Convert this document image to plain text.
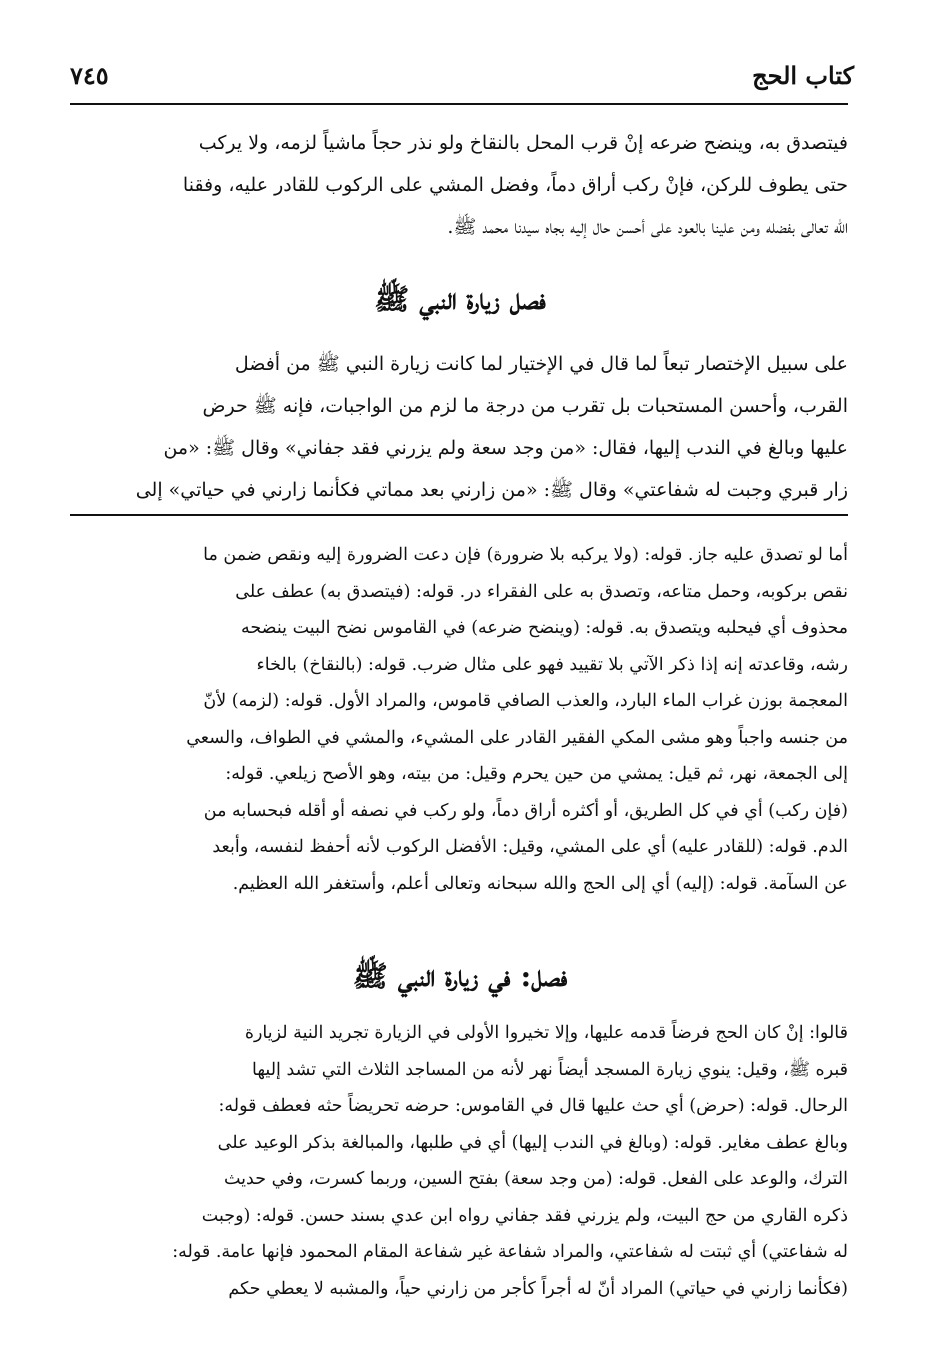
كتاب الحج
٧٤٥
فيتصدق به، وينضح ضرعه إنْ قرب المحل بالنقاخ ولو نذر حجاً ماشياً لزمه، ولا يركب
حتى يطوف للركن، فإنْ ركب أراق دماً، وفضل المشي على الركوب للقادر عليه، وفقنا
الله تعالى بفضله ومن علينا بالعود على أحسن حال إليه بجاه سيدنا محمد ﷺ.
فصل زيارة النبي ﷺ
على سبيل الإختصار تبعاً لما قال في الإختيار لما كانت زيارة النبي ﷺ من أفضل
القرب، وأحسن المستحبات بل تقرب من درجة ما لزم من الواجبات، فإنه ﷺ حرض
عليها وبالغ في الندب إليها، فقال: «من وجد سعة ولم يزرني فقد جفاني» وقال ﷺ: «من
زار قبري وجبت له شفاعتي» وقال ﷺ: «من زارني بعد مماتي فكأنما زارني في حياتي» إلى
أما لو تصدق عليه جاز. قوله: (ولا يركبه بلا ضرورة) فإن دعت الضرورة إليه ونقص ضمن ما
نقص بركوبه، وحمل متاعه، وتصدق به على الفقراء در. قوله: (فيتصدق به) عطف على
محذوف أي فيحلبه ويتصدق به. قوله: (وينضح ضرعه) في القاموس نضح البيت ينضحه
رشه، وقاعدته إنه إذا ذكر الآتي بلا تقييد فهو على مثال ضرب. قوله: (بالنقاخ) بالخاء
المعجمة بوزن غراب الماء البارد، والعذب الصافي قاموس، والمراد الأول. قوله: (لزمه) لأنّ
من جنسه واجباً وهو مشى المكي الفقير القادر على المشيء، والمشي في الطواف، والسعي
إلى الجمعة، نهر، ثم قيل: يمشي من حين يحرم وقيل: من بيته، وهو الأصح زيلعي. قوله:
(فإن ركب) أي في كل الطريق، أو أكثره أراق دماً، ولو ركب في نصفه أو أقله فبحسابه من
الدم. قوله: (للقادر عليه) أي على المشي، وقيل: الأفضل الركوب لأنه أحفظ لنفسه، وأبعد
عن السآمة. قوله: (إليه) أي إلى الحج والله سبحانه وتعالى أعلم، وأستغفر الله العظيم.
فصل: في زيارة النبي ﷺ
قالوا: إنْ كان الحج فرضاً قدمه عليها، وإلا تخيروا الأولى في الزيارة تجريد النية لزيارة
قبره ﷺ، وقيل: ينوي زيارة المسجد أيضاً نهر لأنه من المساجد الثلاث التي تشد إليها
الرحال. قوله: (حرض) أي حث عليها قال في القاموس: حرضه تحريضاً حثه فعطف قوله:
وبالغ عطف مغاير. قوله: (وبالغ في الندب إليها) أي في طلبها، والمبالغة بذكر الوعيد على
الترك، والوعد على الفعل. قوله: (من وجد سعة) بفتح السين، وربما كسرت، وفي حديث
ذكره القاري من حج البيت، ولم يزرني فقد جفاني رواه ابن عدي بسند حسن. قوله: (وجبت
له شفاعتي) أي ثبتت له شفاعتي، والمراد شفاعة غير شفاعة المقام المحمود فإنها عامة. قوله:
(فكأنما زارني في حياتي) المراد أنّ له أجراً كأجر من زارني حياً، والمشبه لا يعطي حكم
